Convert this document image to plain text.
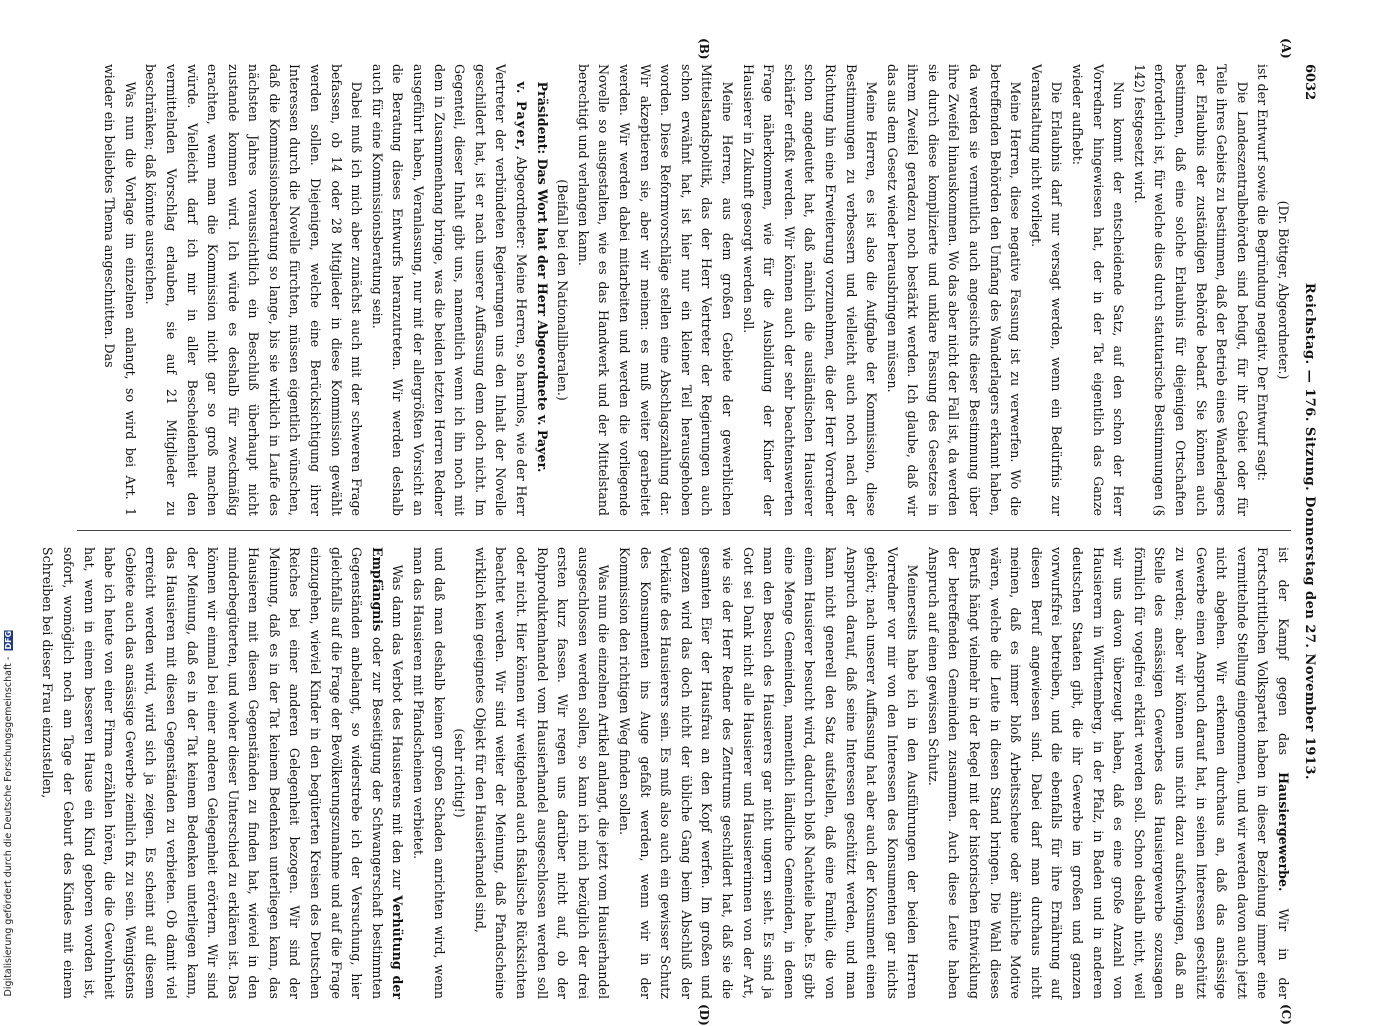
6032
Reichstag. — 176. Sitzung. Donnerstag den 27. November 1913.
(A)
(B)
(C)
(D)

(Dr. Böttger, Abgeordneter.)

ist der Entwurf sowie die Begründung negativ. Der Entwurf sagt:

Die Landeszentralbehörden sind befugt, für ihr Gebiet oder für Teile ihres Gebiets zu bestimmen, daß der Betrieb eines Wanderlagers der Erlaubnis der zuständigen Behörde bedarf. Sie können auch bestimmen, daß eine solche Erlaubnis für diejenigen Ortschaften erforderlich ist, für welche dies durch statutarische Bestimmungen (§ 142) festgesetzt wird.

Nun kommt der entscheidende Satz, auf den schon der Herr Vorredner hingewiesen hat, der in der Tat eigentlich das Ganze wieder aufhebt:

Die Erlaubnis darf nur versagt werden, wenn ein Bedürfnis zur Veranstaltung nicht vorliegt.

Meine Herren, diese negative Fassung ist zu verwerfen. Wo die betreffenden Behörden den Umfang des Wanderlagers erkannt haben, da werden sie vermutlich auch angesichts dieser Bestimmung über ihre Zweifel hinauskommen. Wo das aber nicht der Fall ist, da werden sie durch diese komplizierte und unklare Fassung des Gesetzes in ihrem Zweifel geradezu noch bestärkt werden. Ich glaube, daß wir das aus dem Gesetz wieder herausbringen müssen.

Meine Herren, es ist also die Aufgabe der Kommission, diese Bestimmungen zu verbessern und vielleicht auch noch nach der Richtung hin eine Erweiterung vorzunehmen, die der Herr Vorredner schon angedeutet hat, daß nämlich die ausländischen Hausierer schärfer erfaßt werden. Wir können auch der sehr beachtenswerten Frage näherkommen, wie für die Ausbildung der Kinder der Hausierer in Zukunft gesorgt werden soll.

Meine Herren, aus dem großen Gebiete der gewerblichen Mittelstandspolitik, das der Herr Vertreter der Regierungen auch schon erwähnt hat, ist hier nur ein kleiner Teil herausgehoben worden. Diese Reformvorschläge stellen eine Abschlagszahlung dar. Wir akzeptieren sie, aber wir meinen: es muß weiter gearbeitet werden. Wir werden dabei mitarbeiten und werden die vorliegende Novelle so ausgestalten, wie es das Handwerk und der Mittelstand berechtigt und verlangen kann.

(Beifall bei den Nationalliberalen.)

Präsident: Das Wort hat der Herr Abgeordnete v. Payer.

v. Payer, Abgeordneter: Meine Herren, so harmlos, wie der Herr Vertreter der verbündeten Regierungen uns den Inhalt der Novelle geschildert hat, ist er nach unserer Auffassung denn doch nicht. Im Gegenteil, dieser Inhalt gibt uns, namentlich wenn ich ihn noch mit dem in Zusammenhang bringe, was die beiden letzten Herren Redner ausgeführt haben, Veranlassung, nur mit der allergrößten Vorsicht an die Beratung dieses Entwurfs heranzutreten. Wir werden deshalb auch für eine Kommissionsberatung sein.

Dabei muß ich mich aber zunächst auch mit der schweren Frage befassen, ob 14 oder 28 Mitglieder in diese Kommission gewählt werden sollen. Diejenigen, welche eine Berücksichtigung ihrer Interessen durch die Novelle fürchten, müssen eigentlich wünschen, daß die Kommissionsberatung so lange, bis sie wirklich in Laufe des nächsten Jahres voraussichtlich ein Beschluß überhaupt nicht zustande kommen wird. Ich würde es deshalb für zweckmäßig erachten, wenn man die Kommission nicht gar so groß machen würde. Vielleicht darf ich mir in aller Bescheidenheit den vermittelnden Vorschlag erlauben, sie auf 21 Mitglieder zu beschränken; daß könnte ausreichen.

Was nun die Vorlage im einzelnen anlangt, so wird bei Art. 1 wieder ein beliebtes Thema angeschnitten. Das

ist der Kampf gegen das Hausiergewerbe. Wir in der Fortschrittlichen Volkspartei haben in dieser Beziehung immer eine vermittelnde Stellung eingenommen, und wir werden davon auch jetzt nicht abgehen. Wir erkennen durchaus an, daß das ansässige Gewerbe einen Anspruch darauf hat, in seinen Interessen geschützt zu werden; aber wir können uns nicht dazu aufschwingen, daß an Stelle des ansässigen Gewerbes das Hausiergewerbe sozusagen förmlich für vogelfrei erklärt werden soll. Schon deshalb nicht, weil wir uns davon überzeugt haben, daß es eine große Anzahl von Hausierern in Württemberg, in der Pfalz, in Baden und in anderen deutschen Staaten gibt, die ihr Gewerbe im großen und ganzen vorwurfsfrei betreiben, und die ebenfalls für ihre Ernährung auf diesen Beruf angewiesen sind. Dabei darf man durchaus nicht meinen, daß es immer bloß Arbeitsscheue oder ähnliche Motive wären, welche die Leute in diesen Stand bringen. Die Wahl dieses Berufs hängt vielmehr in der Regel mit der historischen Entwicklung der betreffenden Gemeinden zusammen. Auch diese Leute haben Anspruch auf einen gewissen Schutz.

Meinerseits habe ich in den Ausführungen der beiden Herren Vorredner vor mir von den Interessen des Konsumenten gar nichts gehört; nach unserer Auffassung hat aber auch der Konsument einen Anspruch darauf, daß seine Interessen geschützt werden, und man kann nicht generell den Satz aufstellen, daß eine Familie, die von einem Hausierer besucht wird, dadurch bloß Nachteile habe. Es gibt eine Menge Gemeinden, namentlich ländliche Gemeinden, in denen man den Besuch des Hausierers gar nicht ungern sieht. Es sind ja Gott sei Dank nicht alle Hausierer und Hausiererinnen von der Art, wie sie der Herr Redner des Zentrums geschildert hat, daß sie die gesamten Eier der Hausfrau an den Kopf werfen. Im großen und ganzen wird das doch nicht der übliche Gang beim Abschluß der Verkäufe des Hausierers sein. Es muß also auch ein gewisser Schutz des Konsumenten ins Auge gefaßt werden, wenn wir in der Kommission den richtigen Weg finden sollen.

Was nun die einzelnen Artikel anlangt, die jetzt vom Hausierhandel ausgeschlossen werden sollen, so kann ich mich bezüglich der drei ersten kurz fassen. Wir regen uns darüber nicht auf, ob der Rohproduktenhandel vom Hausierhandel ausgeschlossen werden soll oder nicht. Hier können wir weitgehend auch fiskalische Rücksichten beachtet werden. Wir sind weiter der Meinung, daß Pfandscheine wirklich kein geeignetes Objekt für den Hausierhandel sind,

(sehr richtig!)

und daß man deshalb keinen großen Schaden anrichten wird, wenn man das Hausieren mit Pfandscheinen verbietet.

Was dann das Verbot des Hausierens mit den zur Verhütung der Empfängnis oder zur Beseitigung der Schwangerschaft bestimmten Gegenständen anbelangt, so widerstrebe ich der Versuchung, hier gleichfalls auf die Frage der Bevölkerungszunahme und auf die Frage einzugehen, wieviel Kinder in den begüterten Kreisen des Deutschen Reiches bei einer anderen Gelegenheit bezogen. Wir sind der Meinung, daß es in der Tat keinem Bedenken unterliegen kann, das Hausieren mit diesen Gegenständen zu finden hat, wieviel in den minderbegüterten, und woher dieser Unterschied zu erklären ist. Das können wir einmal bei einer anderen Gelegenheit erörtern. Wir sind der Meinung, daß es in der Tat keinem Bedenken unterliegen kann, das Hausieren mit diesen Gegenständen zu verbieten. Ob damit viel erreicht werden wird, wird sich ja zeigen. Es scheint auf diesem Gebiete auch das ansässige Gewerbe ziemlich fix zu sein. Wenigstens habe ich heute von einer Firma erzählen hören, die die Gewohnheit hat, wenn in einem besseren Hause ein Kind geboren worden ist, sofort, womöglich noch am Tage der Geburt des Kindes mit einem Schreiben bei dieser Frau einzustellen,

Digitalisierung gefördert durch die Deutsche Forschungsgemeinschaft - DFG
